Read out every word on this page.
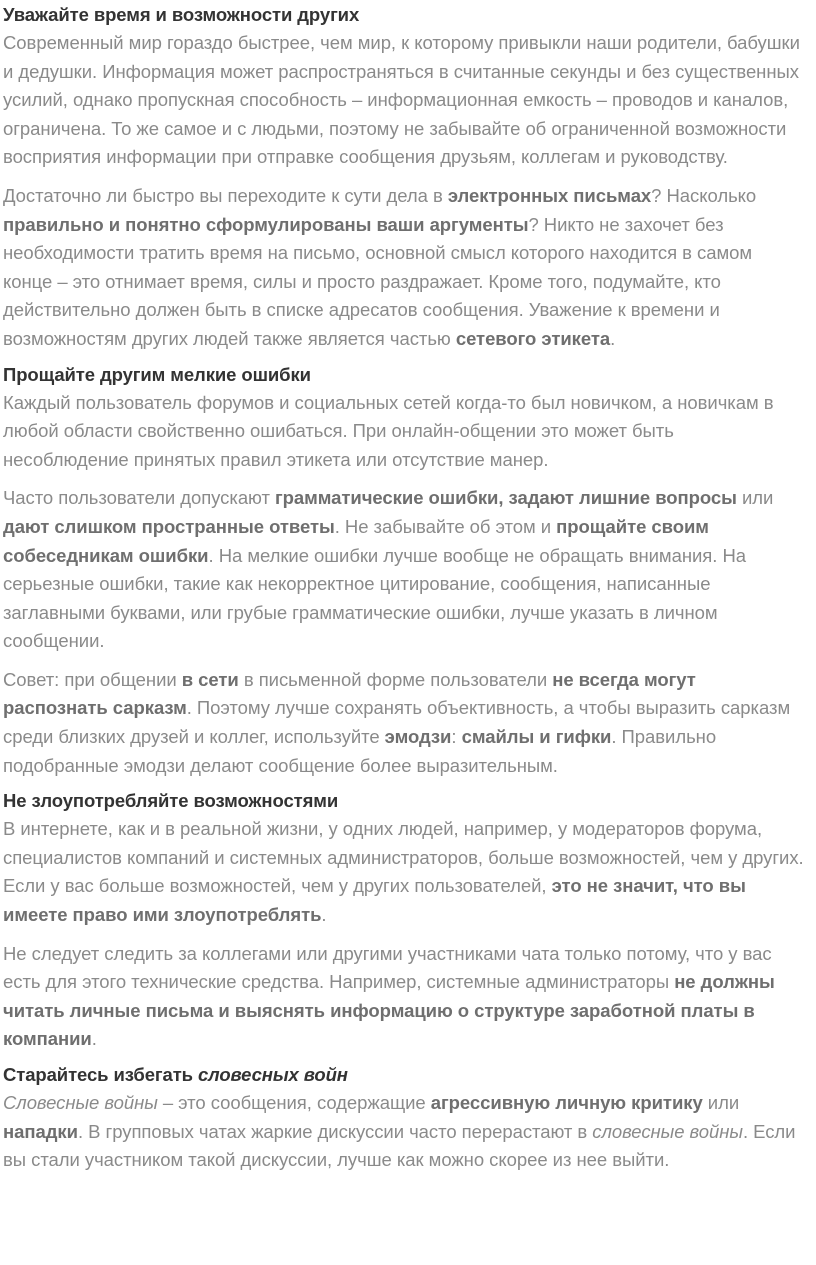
Уважайте время и возможности других

Современный мир гораздо быстрее, чем мир, к которому привыкли наши родители, бабушки и дедушки. Информация может распространяться в считанные секунды и без существенных усилий, однако пропускная способность – информационная емкость – проводов и каналов, ограничена. То же самое и с людьми, поэтому не забывайте об ограниченной возможности восприятия информации при отправке сообщения друзьям, коллегам и руководству.

Достаточно ли быстро вы переходите к сути дела в электронных письмах? Насколько правильно и понятно сформулированы ваши аргументы? Никто не захочет без необходимости тратить время на письмо, основной смысл которого находится в самом конце – это отнимает время, силы и просто раздражает. Кроме того, подумайте, кто действительно должен быть в списке адресатов сообщения. Уважение к времени и возможностям других людей также является частью сетевого этикета.

Прощайте другим мелкие ошибки

Каждый пользователь форумов и социальных сетей когда-то был новичком, а новичкам в любой области свойственно ошибаться. При онлайн-общении это может быть несоблюдение принятых правил этикета или отсутствие манер.

Часто пользователи допускают грамматические ошибки, задают лишние вопросы или дают слишком пространные ответы. Не забывайте об этом и прощайте своим собеседникам ошибки. На мелкие ошибки лучше вообще не обращать внимания. На серьезные ошибки, такие как некорректное цитирование, сообщения, написанные заглавными буквами, или грубые грамматические ошибки, лучше указать в личном сообщении.

Совет: при общении в сети в письменной форме пользователи не всегда могут распознать сарказм. Поэтому лучше сохранять объективность, а чтобы выразить сарказм среди близких друзей и коллег, используйте эмодзи: смайлы и гифки. Правильно подобранные эмодзи делают сообщение более выразительным.

Не злоупотребляйте возможностями

В интернете, как и в реальной жизни, у одних людей, например, у модераторов форума, специалистов компаний и системных администраторов, больше возможностей, чем у других. Если у вас больше возможностей, чем у других пользователей, это не значит, что вы имеете право ими злоупотреблять.

Не следует следить за коллегами или другими участниками чата только потому, что у вас есть для этого технические средства. Например, системные администраторы не должны читать личные письма и выяснять информацию о структуре заработной платы в компании.

Старайтесь избегать словесных войн

Словесные войны – это сообщения, содержащие агрессивную личную критику или нападки. В групповых чатах жаркие дискуссии часто перерастают в словесные войны. Если вы стали участником такой дискуссии, лучше как можно скорее из нее выйти.
